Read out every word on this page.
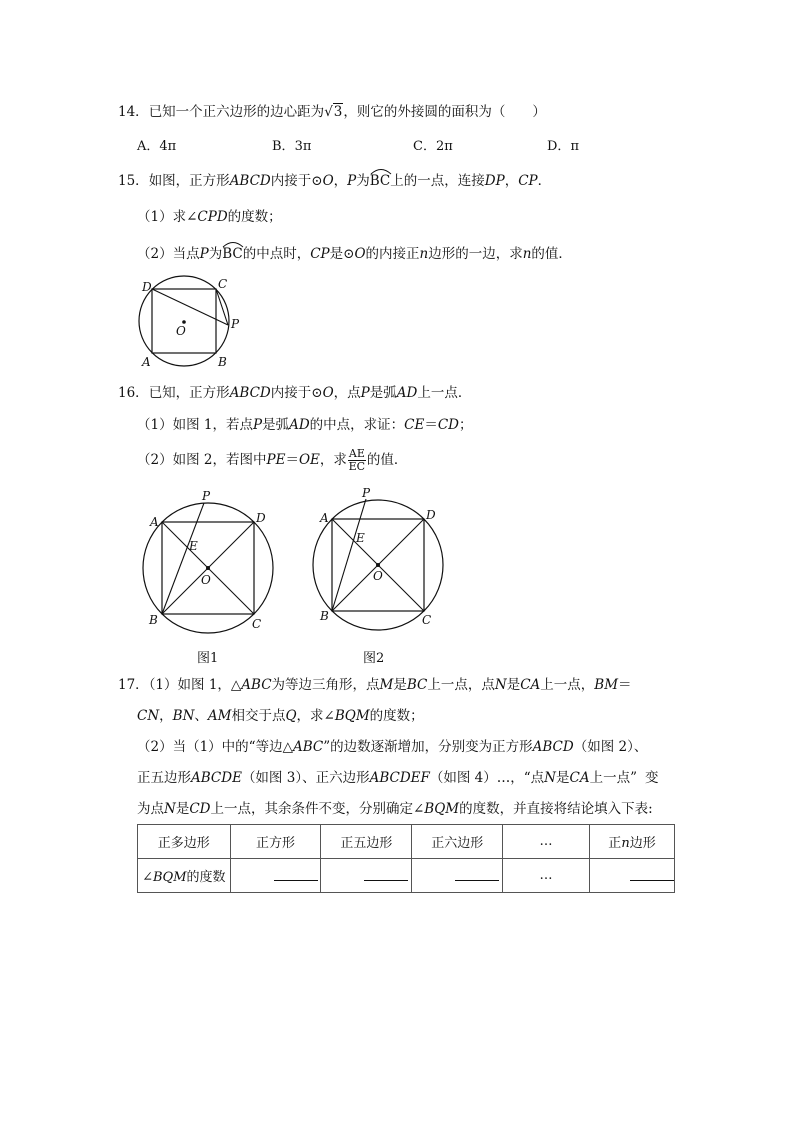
14．已知一个正六边形的边心距为√3，则它的外接圆的面积为（　　）
A．4π	B．3π	C．2π	D．π
15．如图，正方形ABCD内接于⊙O，P为
BC上的一点，连接DP，CP．
（1）求∠CPD的度数；
（2）当点P为
BC的中点时，CP是⊙O的内接正n边形的一边，求n的值．
D	C
P
O
A	B
16．已知，正方形ABCD内接于⊙O，点P是弧AD上一点．
（1）如图 1，若点P是弧AD的中点，求证：CE＝CD；
（2）如图 2，若图中PE＝OE，求 $\frac{AE}{EC}$ 的值．
P
A	D
E
O
B	C
图1
P
A	D
E
O
B	C
图2
17．（1）如图 1，△ABC为等边三角形，点M是BC上一点，点N是CA上一点，BM＝
CN，BN、AM相交于点Q，求∠BQM的度数；
（2）当（1）中的“等边△ABC”的边数逐渐增加，分别变为正方形ABCD（如图 2）、
正五边形ABCDE（如图 3）、正六边形ABCDEF（如图 4）…，“点N是CA上一点” 变
为点N是CD上一点，其余条件不变，分别确定∠BQM的度数，并直接将结论填入下表:
正多边形	正方形	正五边形	正六边形	…	正n边形
∠BQM的度数				…	
